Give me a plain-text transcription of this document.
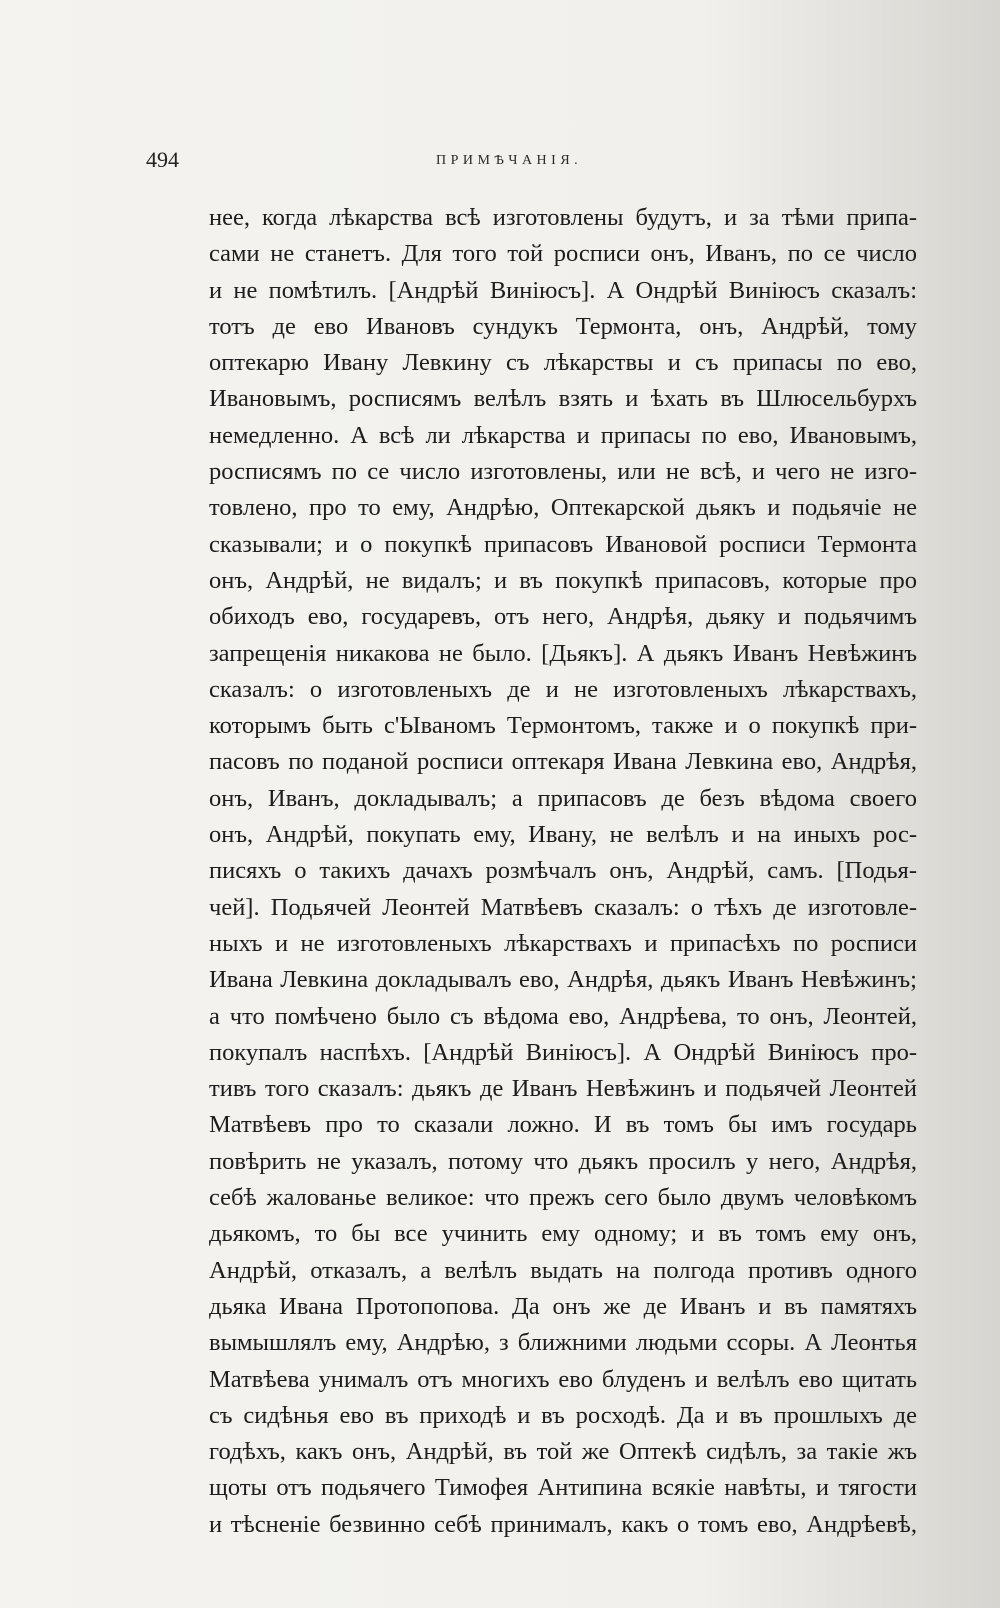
494	ПРИМѢЧАНІЯ.
нее, когда лѣкарства всѣ изготовлены будутъ, и за тѣми припа-
сами не станетъ. Для того той росписи онъ, Иванъ, по се число
и не помѣтилъ. [Андрѣй Виніюсъ]. А Ондрѣй Виніюсъ сказалъ:
тотъ де ево Ивановъ сундукъ Термонта, онъ, Андрѣй, тому
оптекарю Ивану Левкину съ лѣкарствы и съ припасы по ево,
Ивановымъ, росписямъ велѣлъ взять и ѣхать въ Шлюсельбурхъ
немедленно. А всѣ ли лѣкарства и припасы по ево, Ивановымъ,
росписямъ по се число изготовлены, или не всѣ, и чего не изго-
товлено, про то ему, Андрѣю, Оптекарской дьякъ и подьячіе не
сказывали; и о покупкѣ припасовъ Ивановой росписи Термонта
онъ, Андрѣй, не видалъ; и въ покупкѣ припасовъ, которые про
обиходъ ево, государевъ, отъ него, Андрѣя, дьяку и подьячимъ
запрещенія никакова не было. [Дьякъ]. А дьякъ Иванъ Невѣжинъ
сказалъ: о изготовленыхъ де и не изготовленыхъ лѣкарствахъ,
которымъ быть с'Ываномъ Термонтомъ, также и о покупкѣ при-
пасовъ по поданой росписи оптекаря Ивана Левкина ево, Андрѣя,
онъ, Иванъ, докладывалъ; а припасовъ де безъ вѣдома своего
онъ, Андрѣй, покупать ему, Ивану, не велѣлъ и на иныхъ рос-
писяхъ о такихъ дачахъ розмѣчалъ онъ, Андрѣй, самъ. [Подья-
чей]. Подьячей Леонтей Матвѣевъ сказалъ: о тѣхъ де изготовле-
ныхъ и не изготовленыхъ лѣкарствахъ и припасѣхъ по росписи
Ивана Левкина докладывалъ ево, Андрѣя, дьякъ Иванъ Невѣжинъ;
а что помѣчено было съ вѣдома ево, Андрѣева, то онъ, Леонтей,
покупалъ наспѣхъ. [Андрѣй Виніюсъ]. А Ондрѣй Виніюсъ про-
тивъ того сказалъ: дьякъ де Иванъ Невѣжинъ и подьячей Леонтей
Матвѣевъ про то сказали ложно. И въ томъ бы имъ государь
повѣрить не указалъ, потому что дьякъ просилъ у него, Андрѣя,
себѣ жалованье великое: что прежъ сего было двумъ человѣкомъ
дьякомъ, то бы все учинить ему одному; и въ томъ ему онъ,
Андрѣй, отказалъ, а велѣлъ выдать на полгода противъ одного
дьяка Ивана Протопопова. Да онъ же де Иванъ и въ памятяхъ
вымышлялъ ему, Андрѣю, з ближними людьми ссоры. А Леонтья
Матвѣева унималъ отъ многихъ ево блуденъ и велѣлъ ево щитать
съ сидѣнья ево въ приходѣ и въ росходѣ. Да и въ прошлыхъ де
годѣхъ, какъ онъ, Андрѣй, въ той же Оптекѣ сидѣлъ, за такіе жъ
щоты отъ подьячего Тимофея Антипина всякіе навѣты, и тягости
и тѣсненіе безвинно себѣ принималъ, какъ о томъ ево, Андрѣевѣ,
